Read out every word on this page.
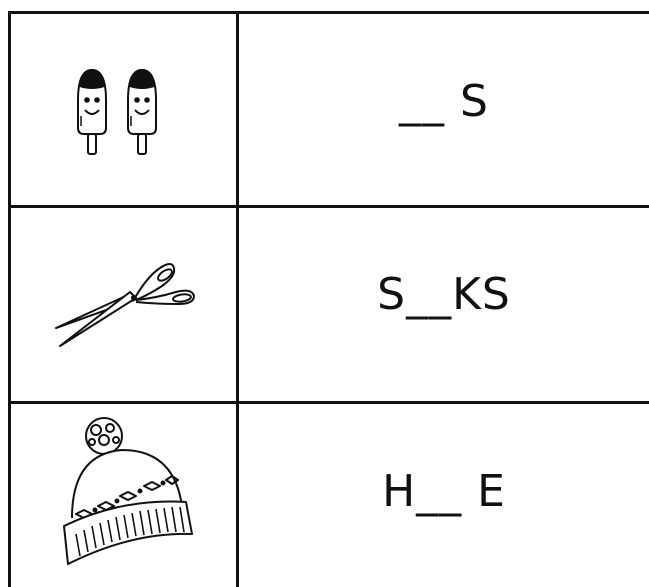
__ S
S__KS
H__ E
